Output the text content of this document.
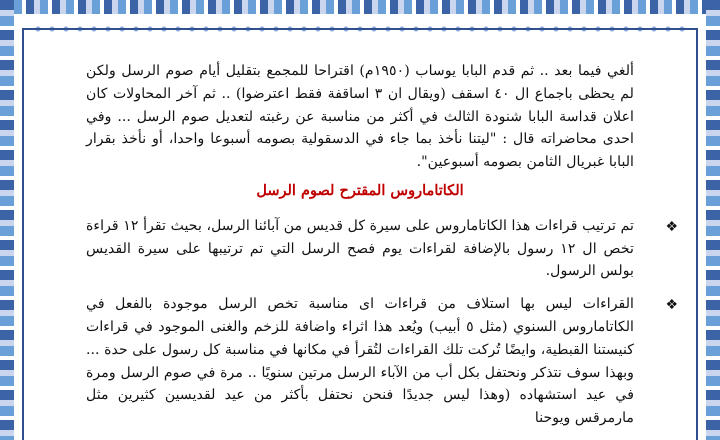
ألغي فيما بعد .. ثم قدم البابا يوساب (١٩٥٠م) اقتراحا للمجمع بتقليل أيام صوم الرسل ولكن لم يحظى باجماع ال ٤٠ اسقف (ويقال ان ٣ اساقفة فقط اعترضوا) .. ثم آخر المحاولات كان اعلان قداسة البابا شنودة الثالث في أكثر من مناسبة عن رغبته لتعديل صوم الرسل ... وفي احدى محاضراته قال : "ليتنا نأخذ بما جاء في الدسقولية بصومه أسبوعا واحدا، أو نأخذ بقرار البابا غبريال الثامن بصومه أسبوعين".

الكاتاماروس المقترح لصوم الرسل
❖

تم ترتيب قراءات هذا الكاتاماروس على سيرة كل قديس من آبائنا الرسل، بحيث تقرأ ١٢ قراءة تخص ال ١٢ رسول بالإضافة لقراءات يوم فصح الرسل التي تم ترتيبها على سيرة القديس بولس الرسول.

❖

القراءات ليس بها استلاف من قراءات اى مناسبة تخص الرسل موجودة بالفعل في الكاتاماروس السنوي (مثل ٥ أبيب) ويُعد هذا اثراء واضافة للزخم والغنى الموجود في قراءات كنيستنا القبطية، وايضًا تُركت تلك القراءات لتُقرأ في مكانها في مناسبة كل رسول على حدة ... وبهذا سوف نتذكر ونحتفل بكل أب من الآباء الرسل مرتين سنويًا .. مرة في صوم الرسل ومرة في عيد استشهاده (وهذا ليس جديدًا فنحن نحتفل بأكثر من عيد لقديسين كثيرين مثل مارمرقس ويوحنا
